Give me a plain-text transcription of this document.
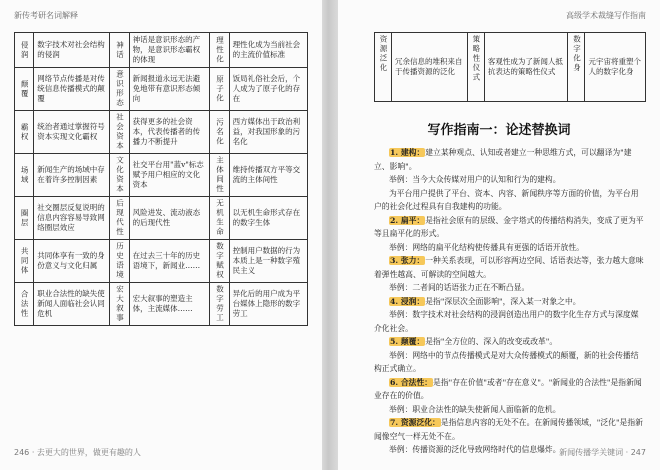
新传考研名词解释
侵润	数字技术对社会结构的侵润	神话	神话是意识形态的产物，是意识形态霸权的体现	理性化	理性化成为当前社会的主流价值标准
颠覆	网络节点传播是对传统信息传播模式的颠覆	意识形态	新闻报道永远无法避免地带有意识形态倾向	原子化	饭局礼俗社会后，个人成为了原子化的存在
霸权	统治者通过掌握符号资本实现文化霸权	社会资本	获得更多的社会资本，代表传播者的传播力不断提升	污名化	西方媒体出于政治利益，对我国形象的污名化
场域	新闻生产的场域中存在着许多控制因素	文化资本	社交平台用"蓝v"标志赋予用户相应的文化资本	主体间性	维持传播双方平等交流的主体间性
圈层	社交圈层反复说明的信息内容容易导致网络圈层效应	后现代性	风险进发、流动液态的后现代性	无机生命	以无机生命形式存在的数字生体
共同体	共同体享有一致的身份意义与文化归属	历史语境	在过去三十年的历史语境下，新闻业……	数字赋权	控制用户数据的行为本质上是一种数字殖民主义
合法性	职业合法性的缺失使新闻人面临社会认同危机	宏大叙事	宏大叙事的塑造主体，主流媒体……	数字劳工	异化后的用户成为平台媒体上隐形的数字劳工
246 · 去更大的世界，做更有趣的人
高级学术裁缝写作指南
资源泛化	冗余信息的堆积来自于传播资源的泛化	策略性仪式	客观性成为了新闻人抵抗表达的策略性仪式	数字化身	元宇宙将重塑个人的数字化身
写作指南一：论述替换词

1. 建构：建立某种观点、认知或者建立一种思维方式，可以翻译为"建立、影响"。

举例：当今大众传媒对用户的认知和行为的建构。

为平台用户提供了平台、资本、内容、新闻秩序等方面的价值，为平台用户的社会化过程具有自我建构的功能。

2. 扁平：是指社会原有的层级、金字塔式的传播结构消失，变成了更为平等且扁平化的形式。

举例：网络的扁平化结构使传播具有更强的话语开放性。

3. 张力：一种关系表现，可以形容两边空间、话语表达等，张力越大意味着弹性越高、可解读的空间越大。

举例：二者间的话语张力正在不断凸显。

4. 浸润：是指"深层次全面影响"，深入某一对象之中。

举例：数字技术对社会结构的浸润创造出用户的数字化生存方式与深度媒介化社会。

5. 颠覆：是指"全方位的、深入的改变或改革"。

举例：网络中的节点传播模式是对大众传播模式的颠覆，新的社会传播结构正式确立。

6. 合法性：是指"存在价值"或者"存在意义"。"新闻业的合法性"是指新闻业存在的价值。

举例：职业合法性的缺失使新闻人面临新的危机。

7. 资源泛化：是指信息内容的无处不在。在新闻传播领域，"泛化"是指新闻像空气一样无处不在。

举例：传播资源的泛化导致网络时代的信息爆炸。

新闻传播学关键词 · 247
